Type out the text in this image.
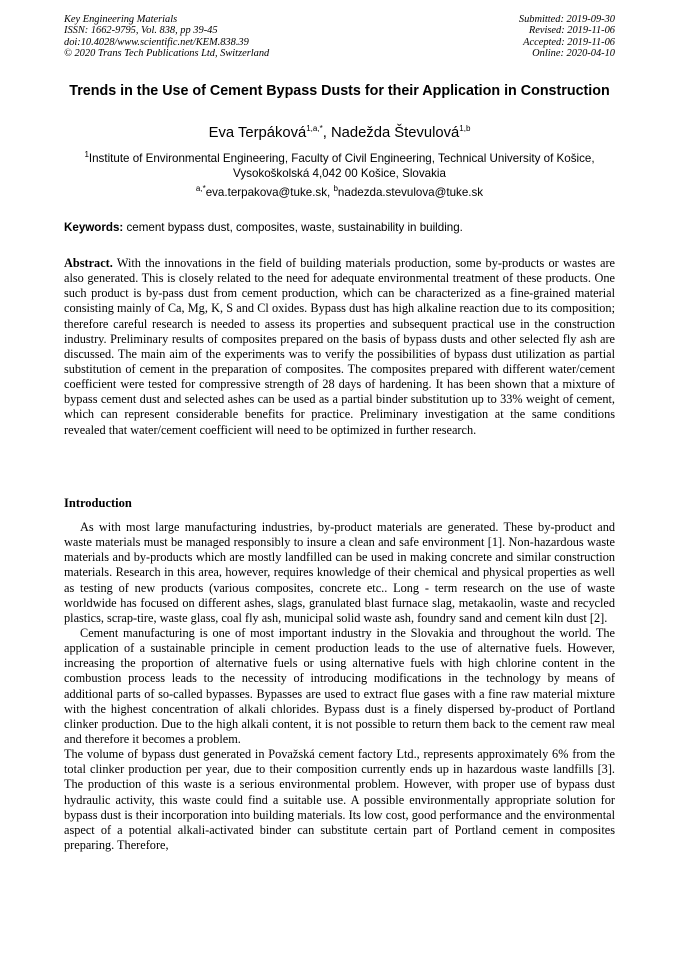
Key Engineering Materials
ISSN: 1662-9795, Vol. 838, pp 39-45
doi:10.4028/www.scientific.net/KEM.838.39
© 2020 Trans Tech Publications Ltd, Switzerland
Submitted: 2019-09-30
Revised: 2019-11-06
Accepted: 2019-11-06
Online: 2020-04-10
Trends in the Use of Cement Bypass Dusts for their Application in Construction
Eva Terpáková$^{1,a,*}$, Nadežda Števulová$^{1,b}$
$^1$Institute of Environmental Engineering, Faculty of Civil Engineering, Technical University of Košice, Vysokoškolská 4,042 00 Košice, Slovakia
$^{a,*}$eva.terpakova@tuke.sk, $^b$nadezda.stevulova@tuke.sk
Keywords: cement bypass dust, composites, waste, sustainability in building.
Abstract. With the innovations in the field of building materials production, some by-products or wastes are also generated. This is closely related to the need for adequate environmental treatment of these products. One such product is by-pass dust from cement production, which can be characterized as a fine-grained material consisting mainly of Ca, Mg, K, S and Cl oxides. Bypass dust has high alkaline reaction due to its composition; therefore careful research is needed to assess its properties and subsequent practical use in the construction industry. Preliminary results of composites prepared on the basis of bypass dusts and other selected fly ash are discussed. The main aim of the experiments was to verify the possibilities of bypass dust utilization as partial substitution of cement in the preparation of composites. The composites prepared with different water/cement coefficient were tested for compressive strength of 28 days of hardening. It has been shown that a mixture of bypass cement dust and selected ashes can be used as a partial binder substitution up to 33% weight of cement, which can represent considerable benefits for practice. Preliminary investigation at the same conditions revealed that water/cement coefficient will need to be optimized in further research.
Introduction

As with most large manufacturing industries, by-product materials are generated. These by-product and waste materials must be managed responsibly to insure a clean and safe environment [1]. Non-hazardous waste materials and by-products which are mostly landfilled can be used in making concrete and similar construction materials. Research in this area, however, requires knowledge of their chemical and physical properties as well as testing of new products (various composites, concrete etc.. Long - term research on the use of waste worldwide has focused on different ashes, slags, granulated blast furnace slag, metakaolin, waste and recycled plastics, scrap-tire, waste glass, coal fly ash, municipal solid waste ash, foundry sand and cement kiln dust [2].

Cement manufacturing is one of most important industry in the Slovakia and throughout the world. The application of a sustainable principle in cement production leads to the use of alternative fuels. However, increasing the proportion of alternative fuels or using alternative fuels with high chlorine content in the combustion process leads to the necessity of introducing modifications in the technology by means of additional parts of so-called bypasses. Bypasses are used to extract flue gases with a fine raw material mixture with the highest concentration of alkali chlorides. Bypass dust is a finely dispersed by-product of Portland clinker production. Due to the high alkali content, it is not possible to return them back to the cement raw meal and therefore it becomes a problem.

The volume of bypass dust generated in Považská cement factory Ltd., represents approximately 6% from the total clinker production per year, due to their composition currently ends up in hazardous waste landfills [3]. The production of this waste is a serious environmental problem. However, with proper use of bypass dust hydraulic activity, this waste could find a suitable use. A possible environmentally appropriate solution for bypass dust is their incorporation into building materials. Its low cost, good performance and the environmental aspect of a potential alkali-activated binder can substitute certain part of Portland cement in composites preparing. Therefore,
